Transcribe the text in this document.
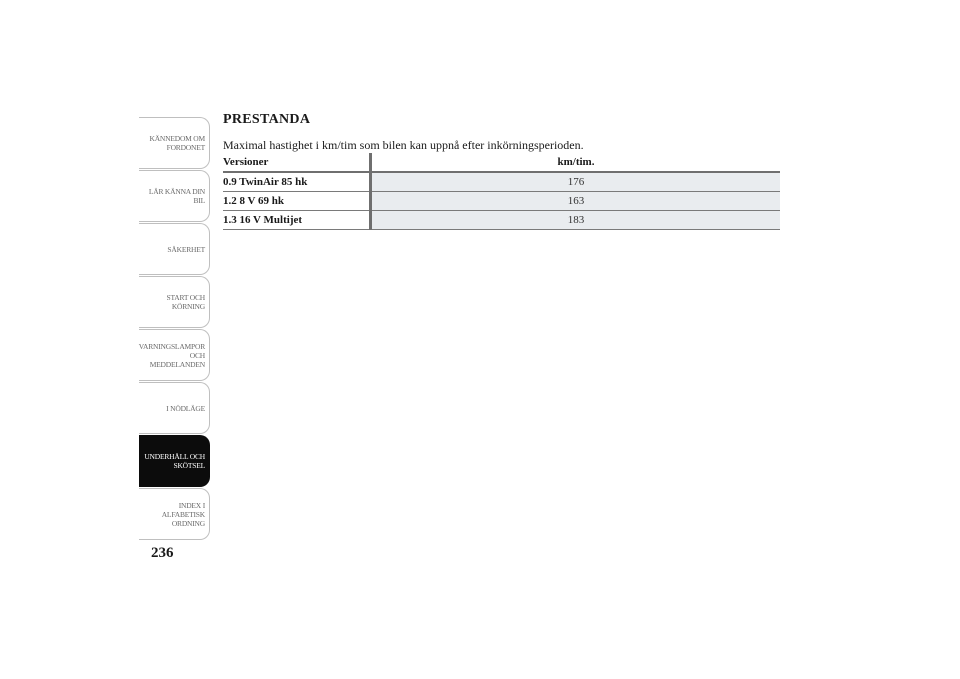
KÄNNEDOM OM
FORDONET
LÄR KÄNNA DIN
BIL
SÄKERHET
START OCH
KÖRNING
VARNINGSLAMPOR
OCH
MEDDELANDEN
I NÖDLÄGE
UNDERHÅLL OCH
SKÖTSEL
INDEX I
ALFABETISK
ORDNING
236
PRESTANDA

Maximal hastighet i km/tim som bilen kan uppnå efter inkörningsperioden.

Versioner	km/tim.
0.9 TwinAir 85 hk	176
1.2 8 V 69 hk	163
1.3 16 V Multijet	183
